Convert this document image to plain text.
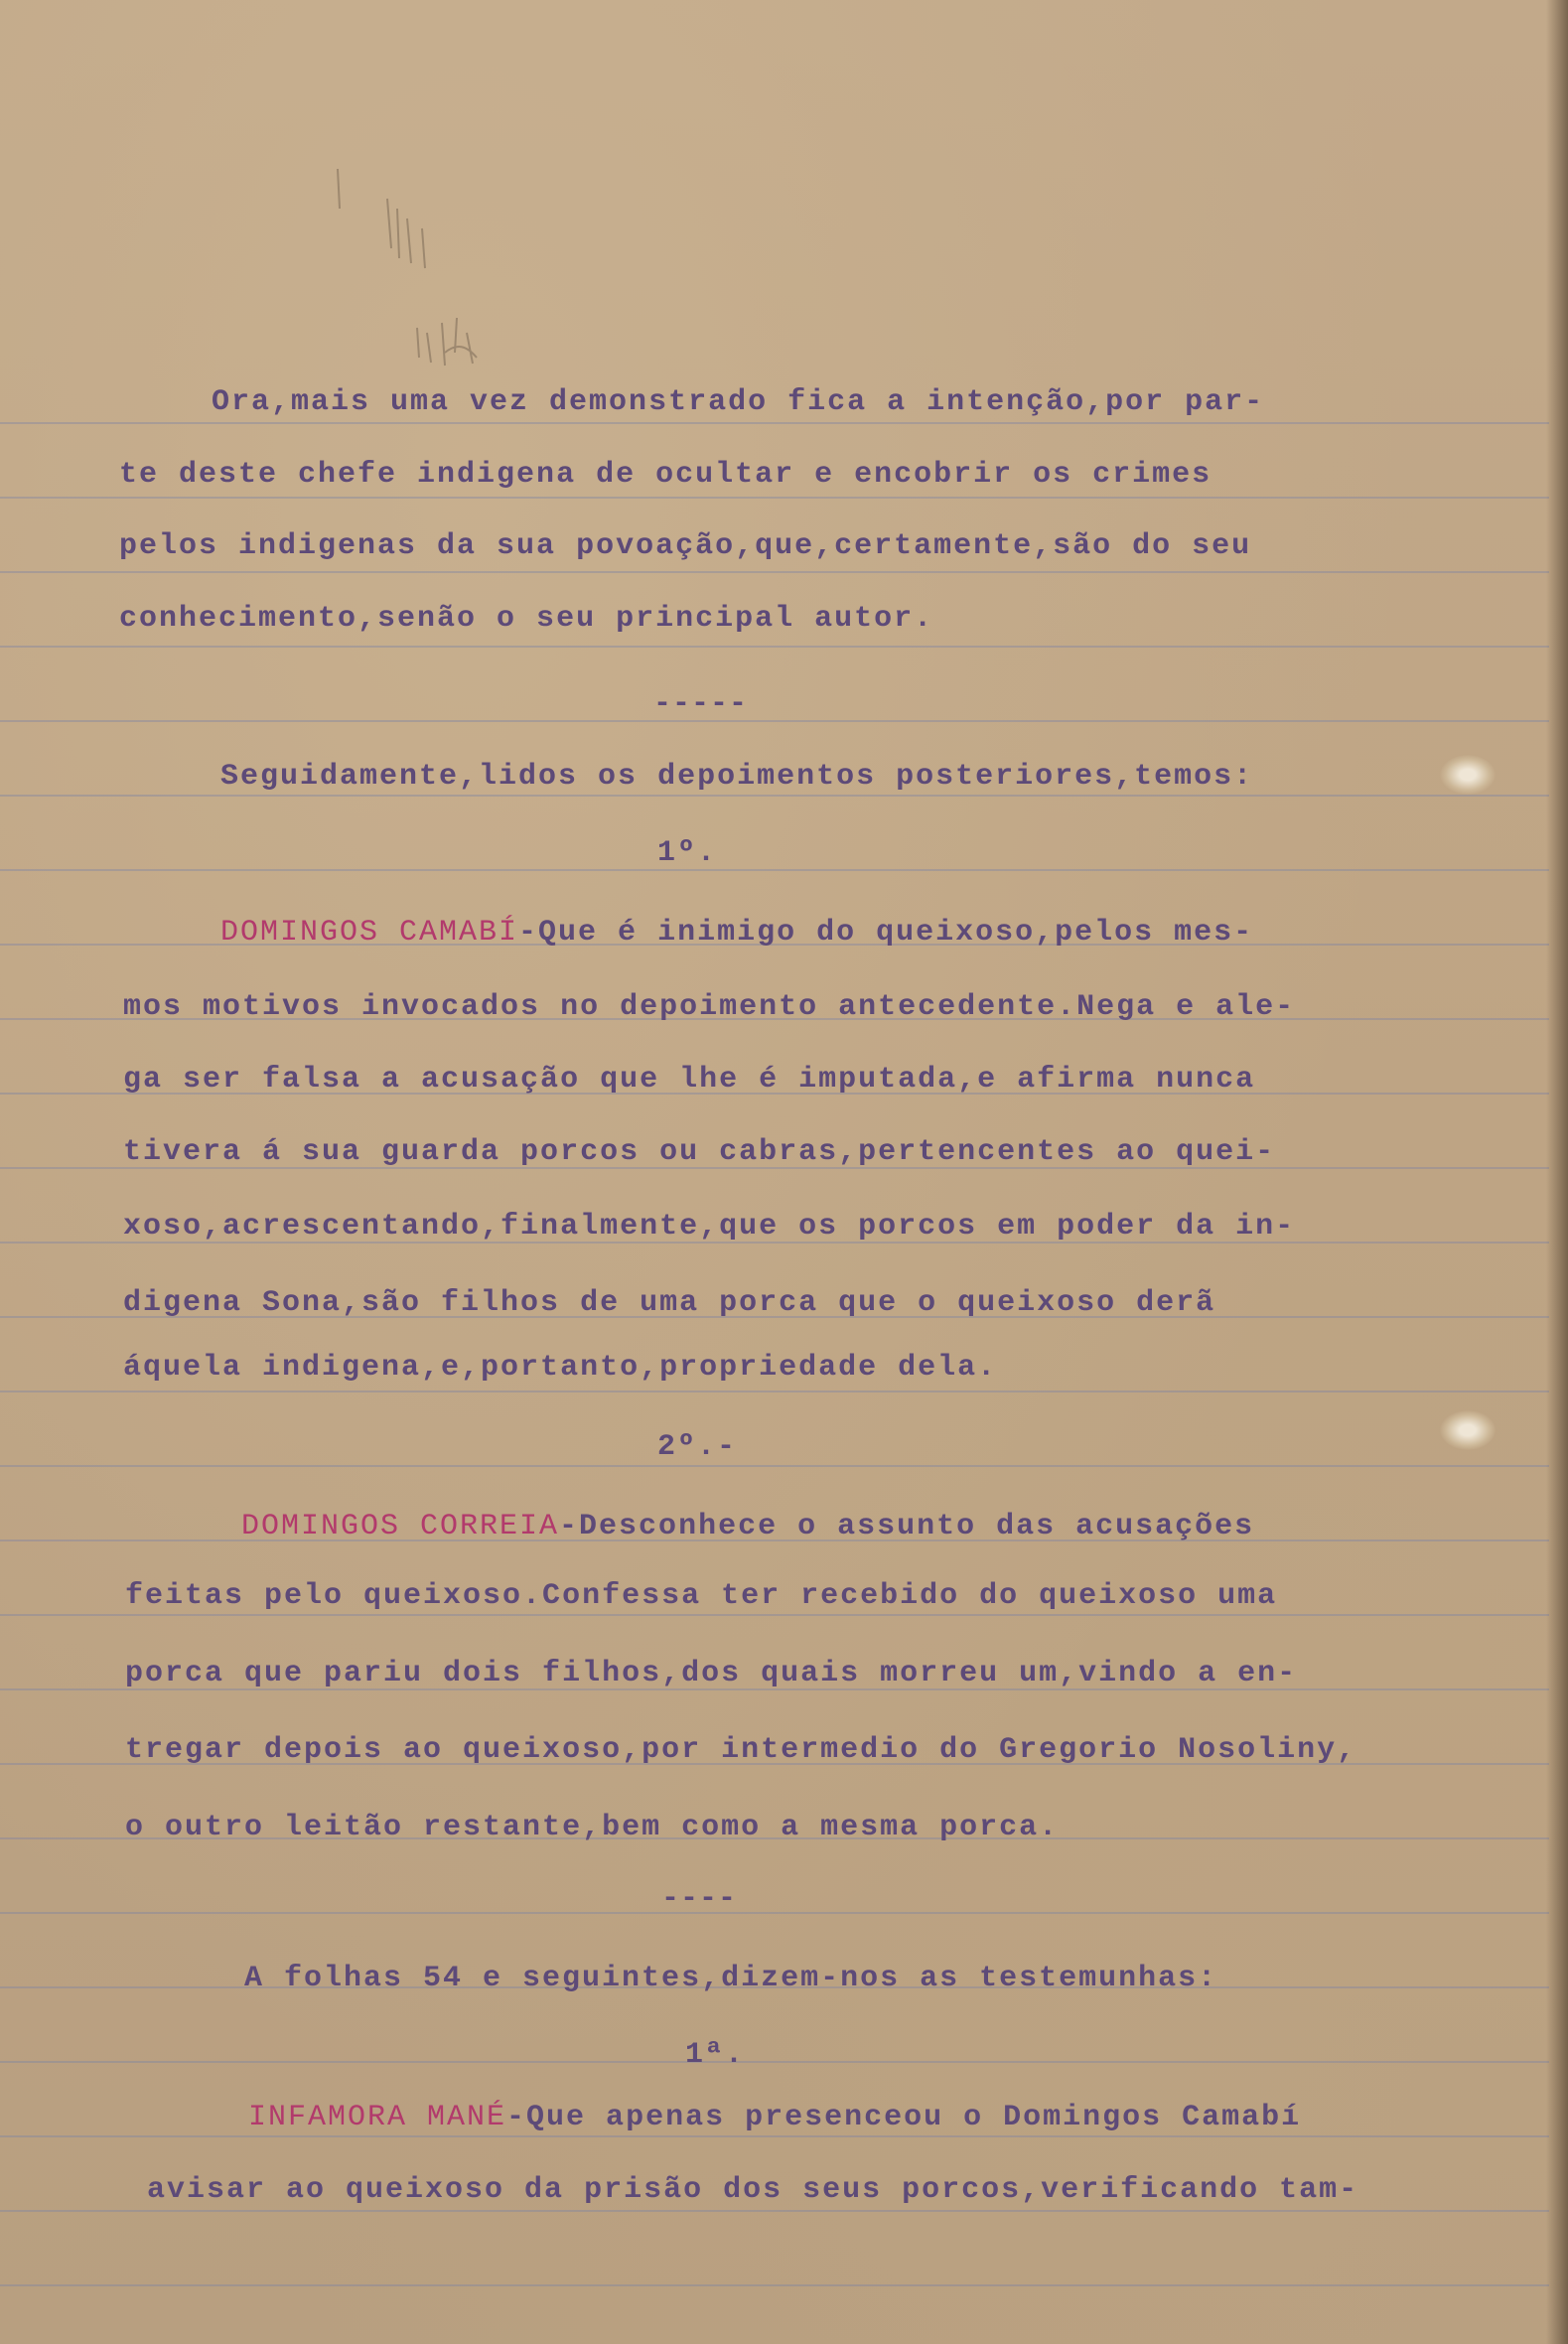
Ora,mais uma vez demonstrado fica a intenção,por par-
te deste chefe indigena de ocultar e encobrir os crimes
pelos indigenas da sua povoação,que,certamente,são do seu
conhecimento,senão o seu principal autor.
-----
Seguidamente,lidos os depoimentos posteriores,temos:
1º.
DOMINGOS CAMABÍ-Que é inimigo do queixoso,pelos mes-
mos motivos invocados no depoimento antecedente.Nega e ale-
ga ser falsa a acusação que lhe é imputada,e afirma nunca
tivera á sua guarda porcos ou cabras,pertencentes ao quei-
xoso,acrescentando,finalmente,que os porcos em poder da in-
digena Sona,são filhos de uma porca que o queixoso derã
áquela indigena,e,portanto,propriedade dela.
2º.-
DOMINGOS CORREIA-Desconhece o assunto das acusações
feitas pelo queixoso.Confessa ter recebido do queixoso uma
porca que pariu dois filhos,dos quais morreu um,vindo a en-
tregar depois ao queixoso,por intermedio do Gregorio Nosoliny,
o outro leitão restante,bem como a mesma porca.
----
A folhas 54 e seguintes,dizem-nos as testemunhas:
1ª.
INFAMORA MANÉ-Que apenas presenceou o Domingos Camabí
avisar ao queixoso da prisão dos seus porcos,verificando tam-
